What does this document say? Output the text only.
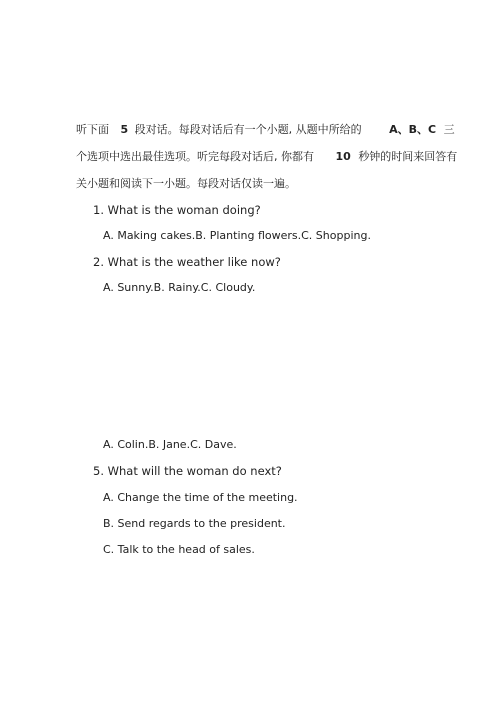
听下面 5 段对话。每段对话后有一个小题, 从题中所给的	A、B、C 三
个选项中选出最佳选项。听完每段对话后, 你都有 10 秒钟的时间来回答有
关小题和阅读下一小题。每段对话仅读一遍。
1. What is the woman doing?
A. Making cakes.B. Planting flowers.C. Shopping.
2. What is the weather like now?
A. Sunny.B. Rainy.C. Cloudy.
A. Colin.B. Jane.C. Dave.
5. What will the woman do next?
A. Change the time of the meeting.
B. Send regards to the president.
C. Talk to the head of sales.
